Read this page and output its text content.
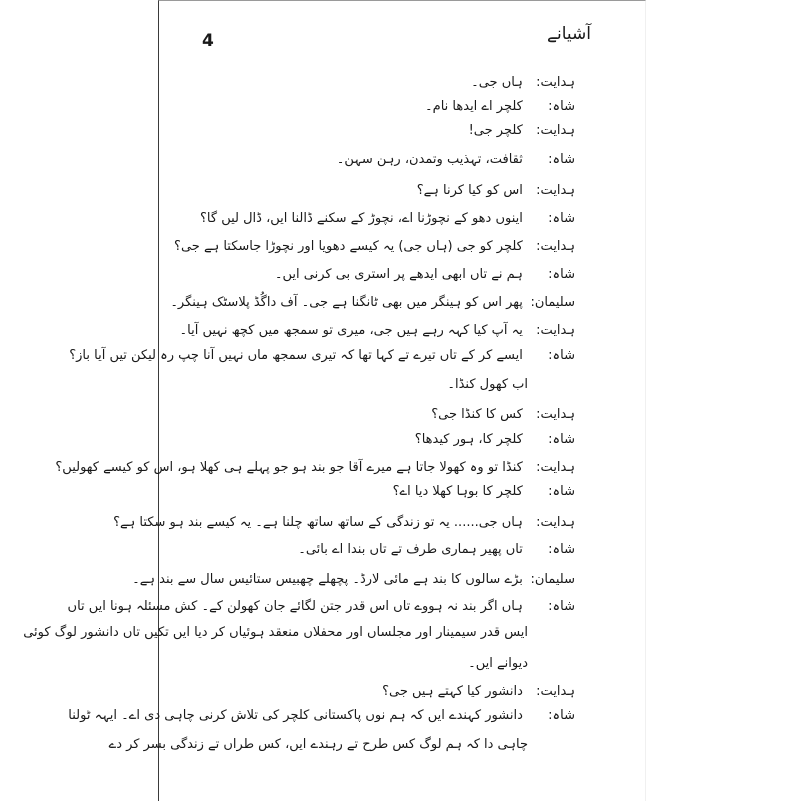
4	آشیانے
ہدایت: ہاں جی۔
شاہ: کلچر اے ایدھا نام۔
ہدایت: کلچر جی!
شاہ: ثقافت، تہذیب وتمدن، رہن سہن۔
ہدایت: اس کو کیا کرنا ہے؟
شاہ: اینوں دھو کے نچوڑنا اے، نچوڑ کے سکنے ڈالنا ایں، ڈال لیں گا؟
ہدایت: کلچر کو جی (ہاں جی) یہ کیسے دھویا اور نچوڑا جاسکتا ہے جی؟
شاہ: ہم نے تاں ابھی ایدھے پر استری بی کرنی ایں۔
سلیمان: پھر اس کو ہینگر میں بھی ٹانگنا ہے جی۔ آف داگُڈ پلاسٹک ہینگر۔
ہدایت: یہ آپ کیا کہہ رہے ہیں جی، میری تو سمجھ میں کچھ نہیں آیا۔
شاہ: ایسے کر کے تاں تیرے تے کہا تھا کہ تیری سمجھ ماں نہیں آنا چپ رہ لیکن تیں آیا باز؟
اب کھول کنڈا۔
ہدایت: کس کا کنڈا جی؟
شاہ: کلچر کا، ہور کیدھا؟
ہدایت: کنڈا تو وہ کھولا جاتا ہے میرے آقا جو بند ہو جو پہلے ہی کھلا ہو، اس کو کیسے کھولیں؟
شاہ: کلچر کا بوہا کھلا دیا اے؟
ہدایت: ہاں جی...... یہ تو زندگی کے ساتھ ساتھ چلنا ہے۔ یہ کیسے بند ہو سکتا ہے؟
شاہ: تاں پھیر ہماری طرف تے تاں بندا اے بائی۔
سلیمان: بڑے سالوں کا بند ہے مائی لارڈ۔ پچھلے چھبیس ستائیس سال سے بند ہے۔
شاہ: ہاں اگر بند نہ ہووے تاں اس قدر جتن لگائے جان کھولن کے۔ کش مسئلہ ہونا ایں تاں
ایس قدر سیمینار اور مجلساں اور محفلاں منعقد ہوئیاں کر دیا ایں تکیں تاں دانشور لوگ کوئی
دیوانے ایں۔
ہدایت: دانشور کیا کہتے ہیں جی؟
شاہ: دانشور کہندے ایں کہ ہم نوں پاکستانی کلچر کی تلاش کرنی چاہی دی اے۔ ایہہ ٹولنا
چاہی دا کہ ہم لوگ کس طرح تے رہندے ایں، کس طراں تے زندگی بسر کر دے
